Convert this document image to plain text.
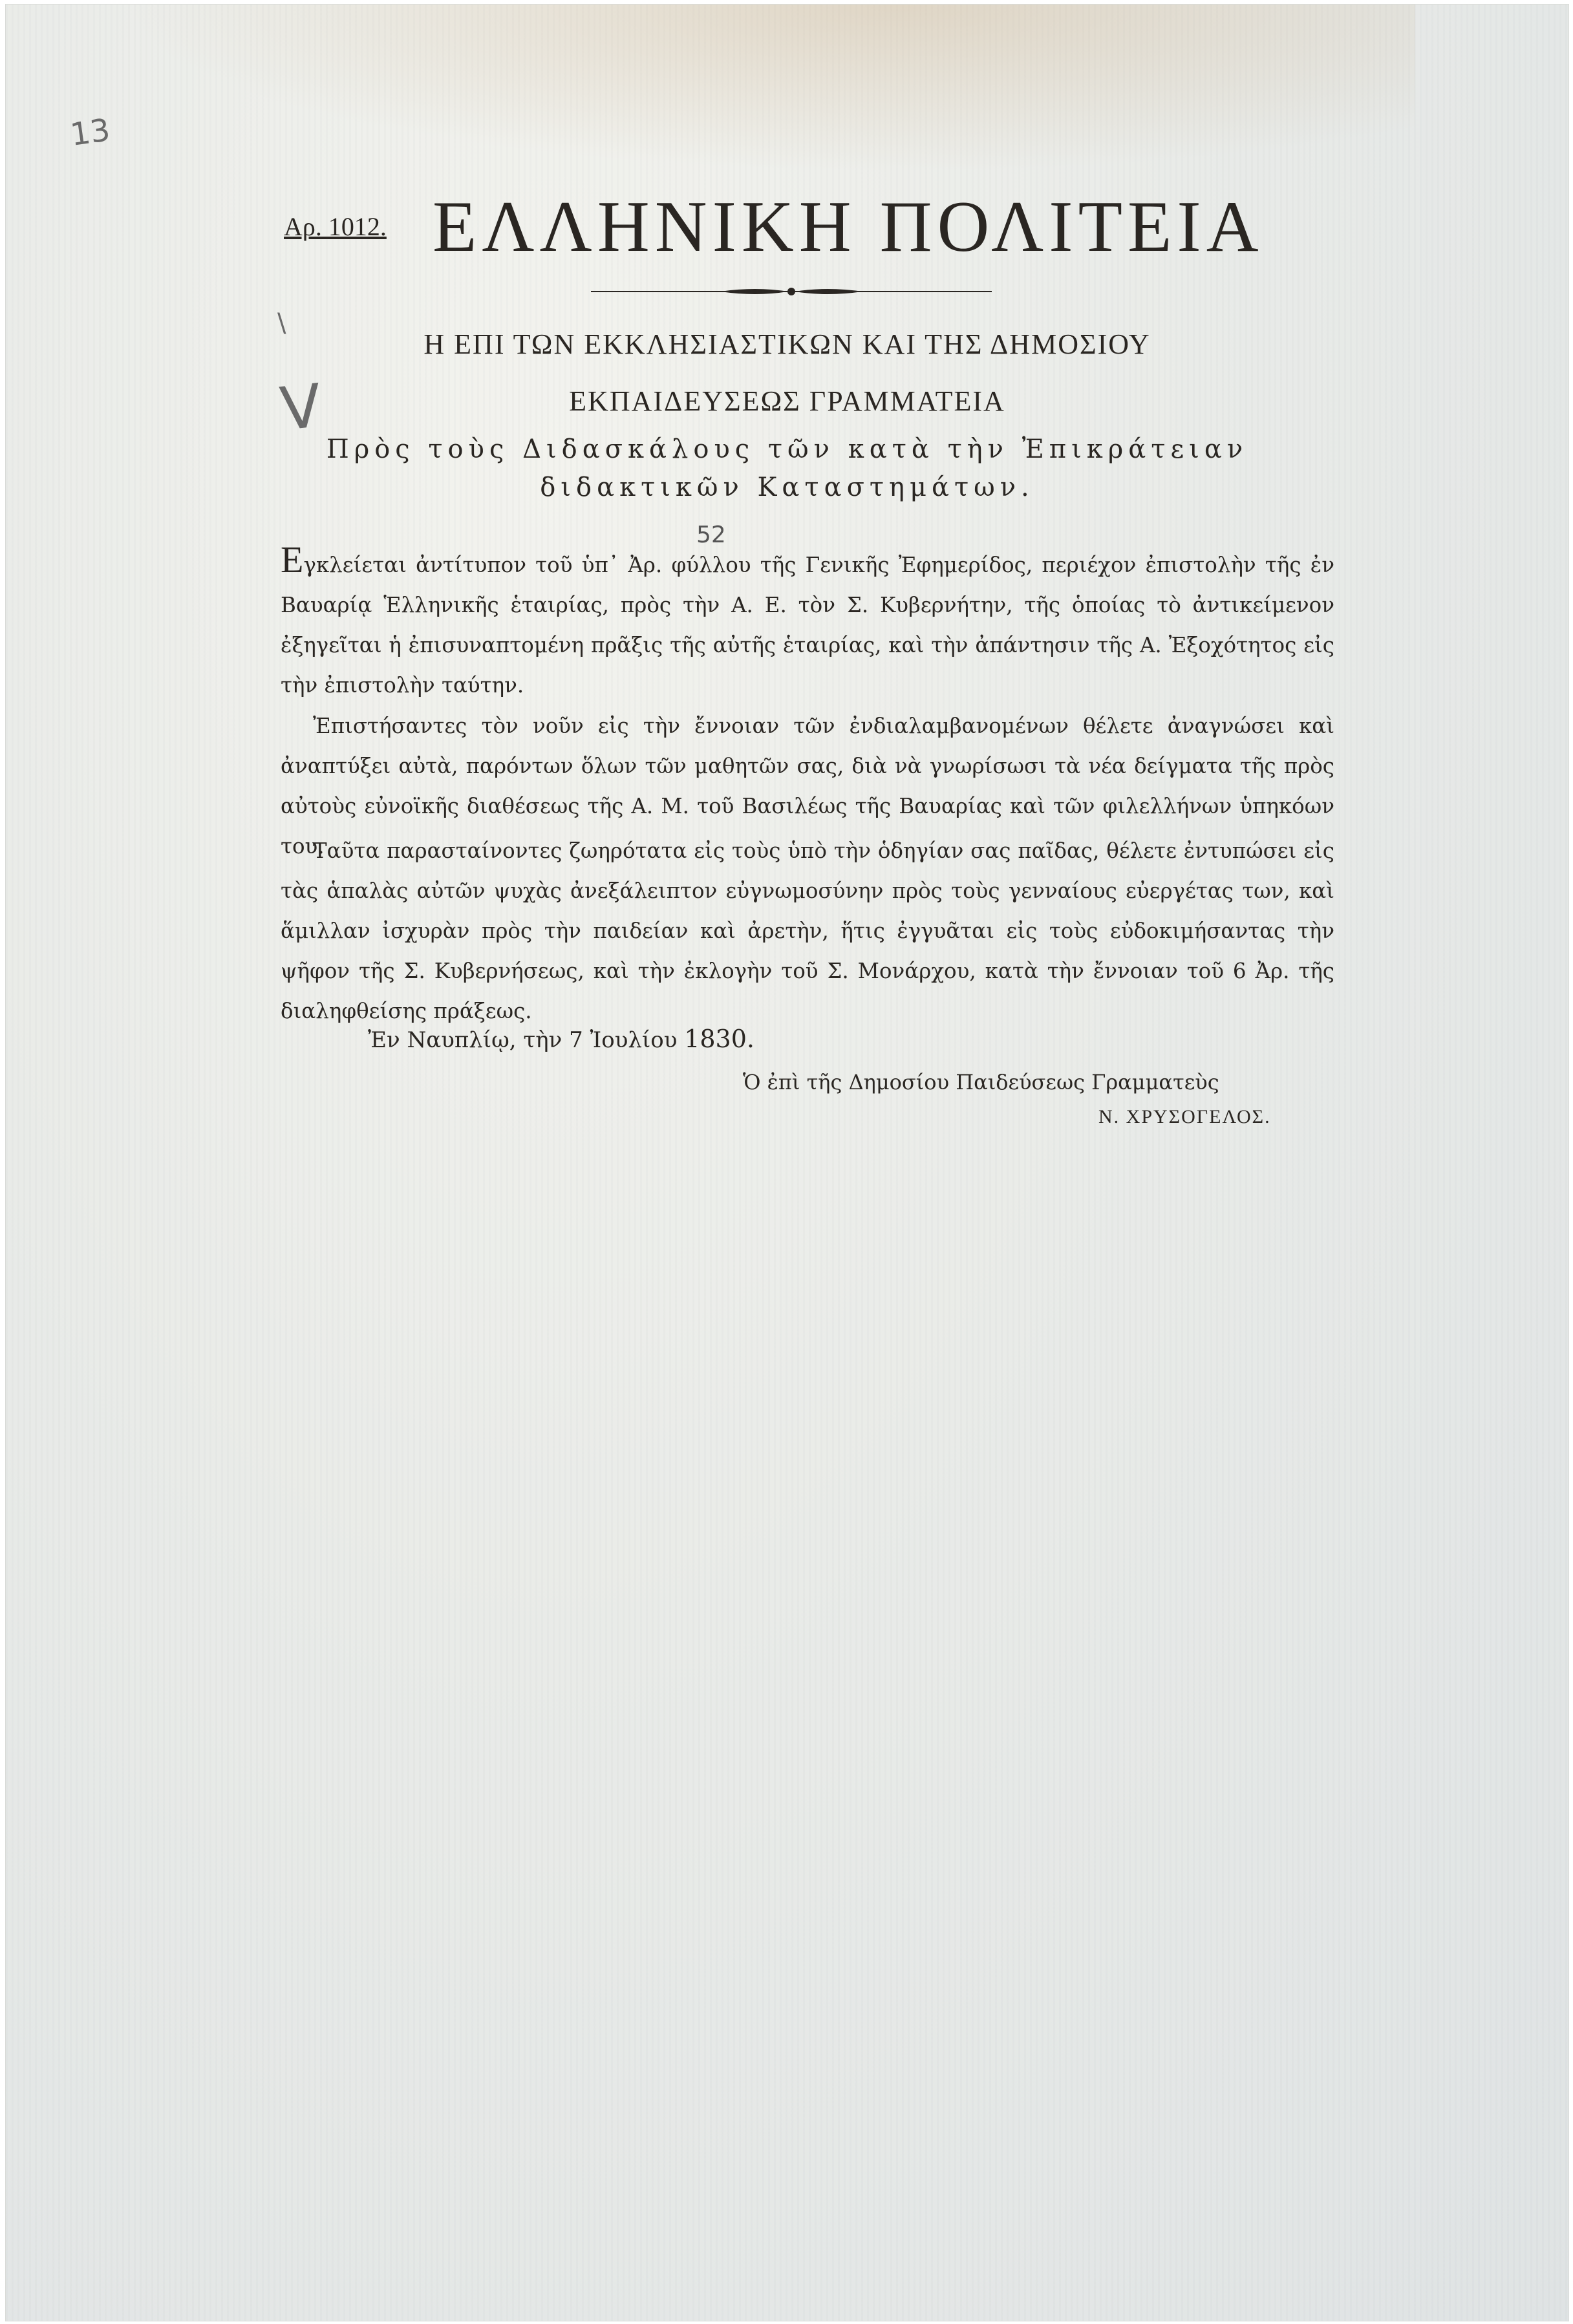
13
\
V
Αρ. 1012. ΕΛΛΗΝΙΚΗ ΠΟΛΙΤΕΙΑ
Η ΕΠΙ ΤΩΝ ΕΚΚΛΗΣΙΑΣΤΙΚΩΝ ΚΑΙ ΤΗΣ ΔΗΜΟΣΙΟΥ
ΕΚΠΑΙΔΕΥΣΕΩΣ ΓΡΑΜΜΑΤΕΙΑ
Πρὸς τοὺς Διδασκάλους τῶν κατὰ τὴν Ἐπικράτειαν
διδακτικῶν Καταστημάτων.
52

Εγκλείεται ἀντίτυπον τοῦ ὑπ᾽ Ἀρ. φύλλου τῆς Γενικῆς Ἐφημερίδος, περιέχον ἐπιστολὴν τῆς ἐν Βαυαρίᾳ Ἑλληνικῆς ἑταιρίας, πρὸς τὴν Α. Ε. τὸν Σ. Κυβερνήτην, τῆς ὁποίας τὸ ἀντικείμενον ἐξηγεῖται ἡ ἐπισυναπτομένη πρᾶξις τῆς αὐτῆς ἑταιρίας, καὶ τὴν ἀπάντησιν τῆς Α. Ἐξοχότητος εἰς τὴν ἐπιστολὴν ταύτην.

Ἐπιστήσαντες τὸν νοῦν εἰς τὴν ἔννοιαν τῶν ἐνδιαλαμβανομένων θέλετε ἀναγνώσει καὶ ἀναπτύξει αὐτὰ, παρόντων ὅλων τῶν μαθητῶν σας, διὰ νὰ γνωρίσωσι τὰ νέα δείγματα τῆς πρὸς αὐτοὺς εὐνοϊκῆς διαθέσεως τῆς Α. Μ. τοῦ Βασιλέως τῆς Βαυαρίας καὶ τῶν φιλελλήνων ὑπηκόων του.

Ταῦτα παρασταίνοντες ζωηρότατα εἰς τοὺς ὑπὸ τὴν ὁδηγίαν σας παῖδας, θέλετε ἐντυπώσει εἰς τὰς ἁπαλὰς αὐτῶν ψυχὰς ἀνεξάλειπτον εὐγνωμοσύνην πρὸς τοὺς γενναίους εὐεργέτας των, καὶ ἅμιλλαν ἰσχυρὰν πρὸς τὴν παιδείαν καὶ ἀρετὴν, ἥτις ἐγγυᾶται εἰς τοὺς εὐδοκιμήσαντας τὴν ψῆφον τῆς Σ. Κυβερνήσεως, καὶ τὴν ἐκλογὴν τοῦ Σ. Μονάρχου, κατὰ τὴν ἔννοιαν τοῦ 6 Ἀρ. τῆς διαληφθείσης πράξεως.

Ἐν Ναυπλίῳ, τὴν 7 Ἰουλίου 1830.
Ὁ ἐπὶ τῆς Δημοσίου Παιδεύσεως Γραμματεὺς
Ν. ΧΡΥΣΟΓΕΛΟΣ.
